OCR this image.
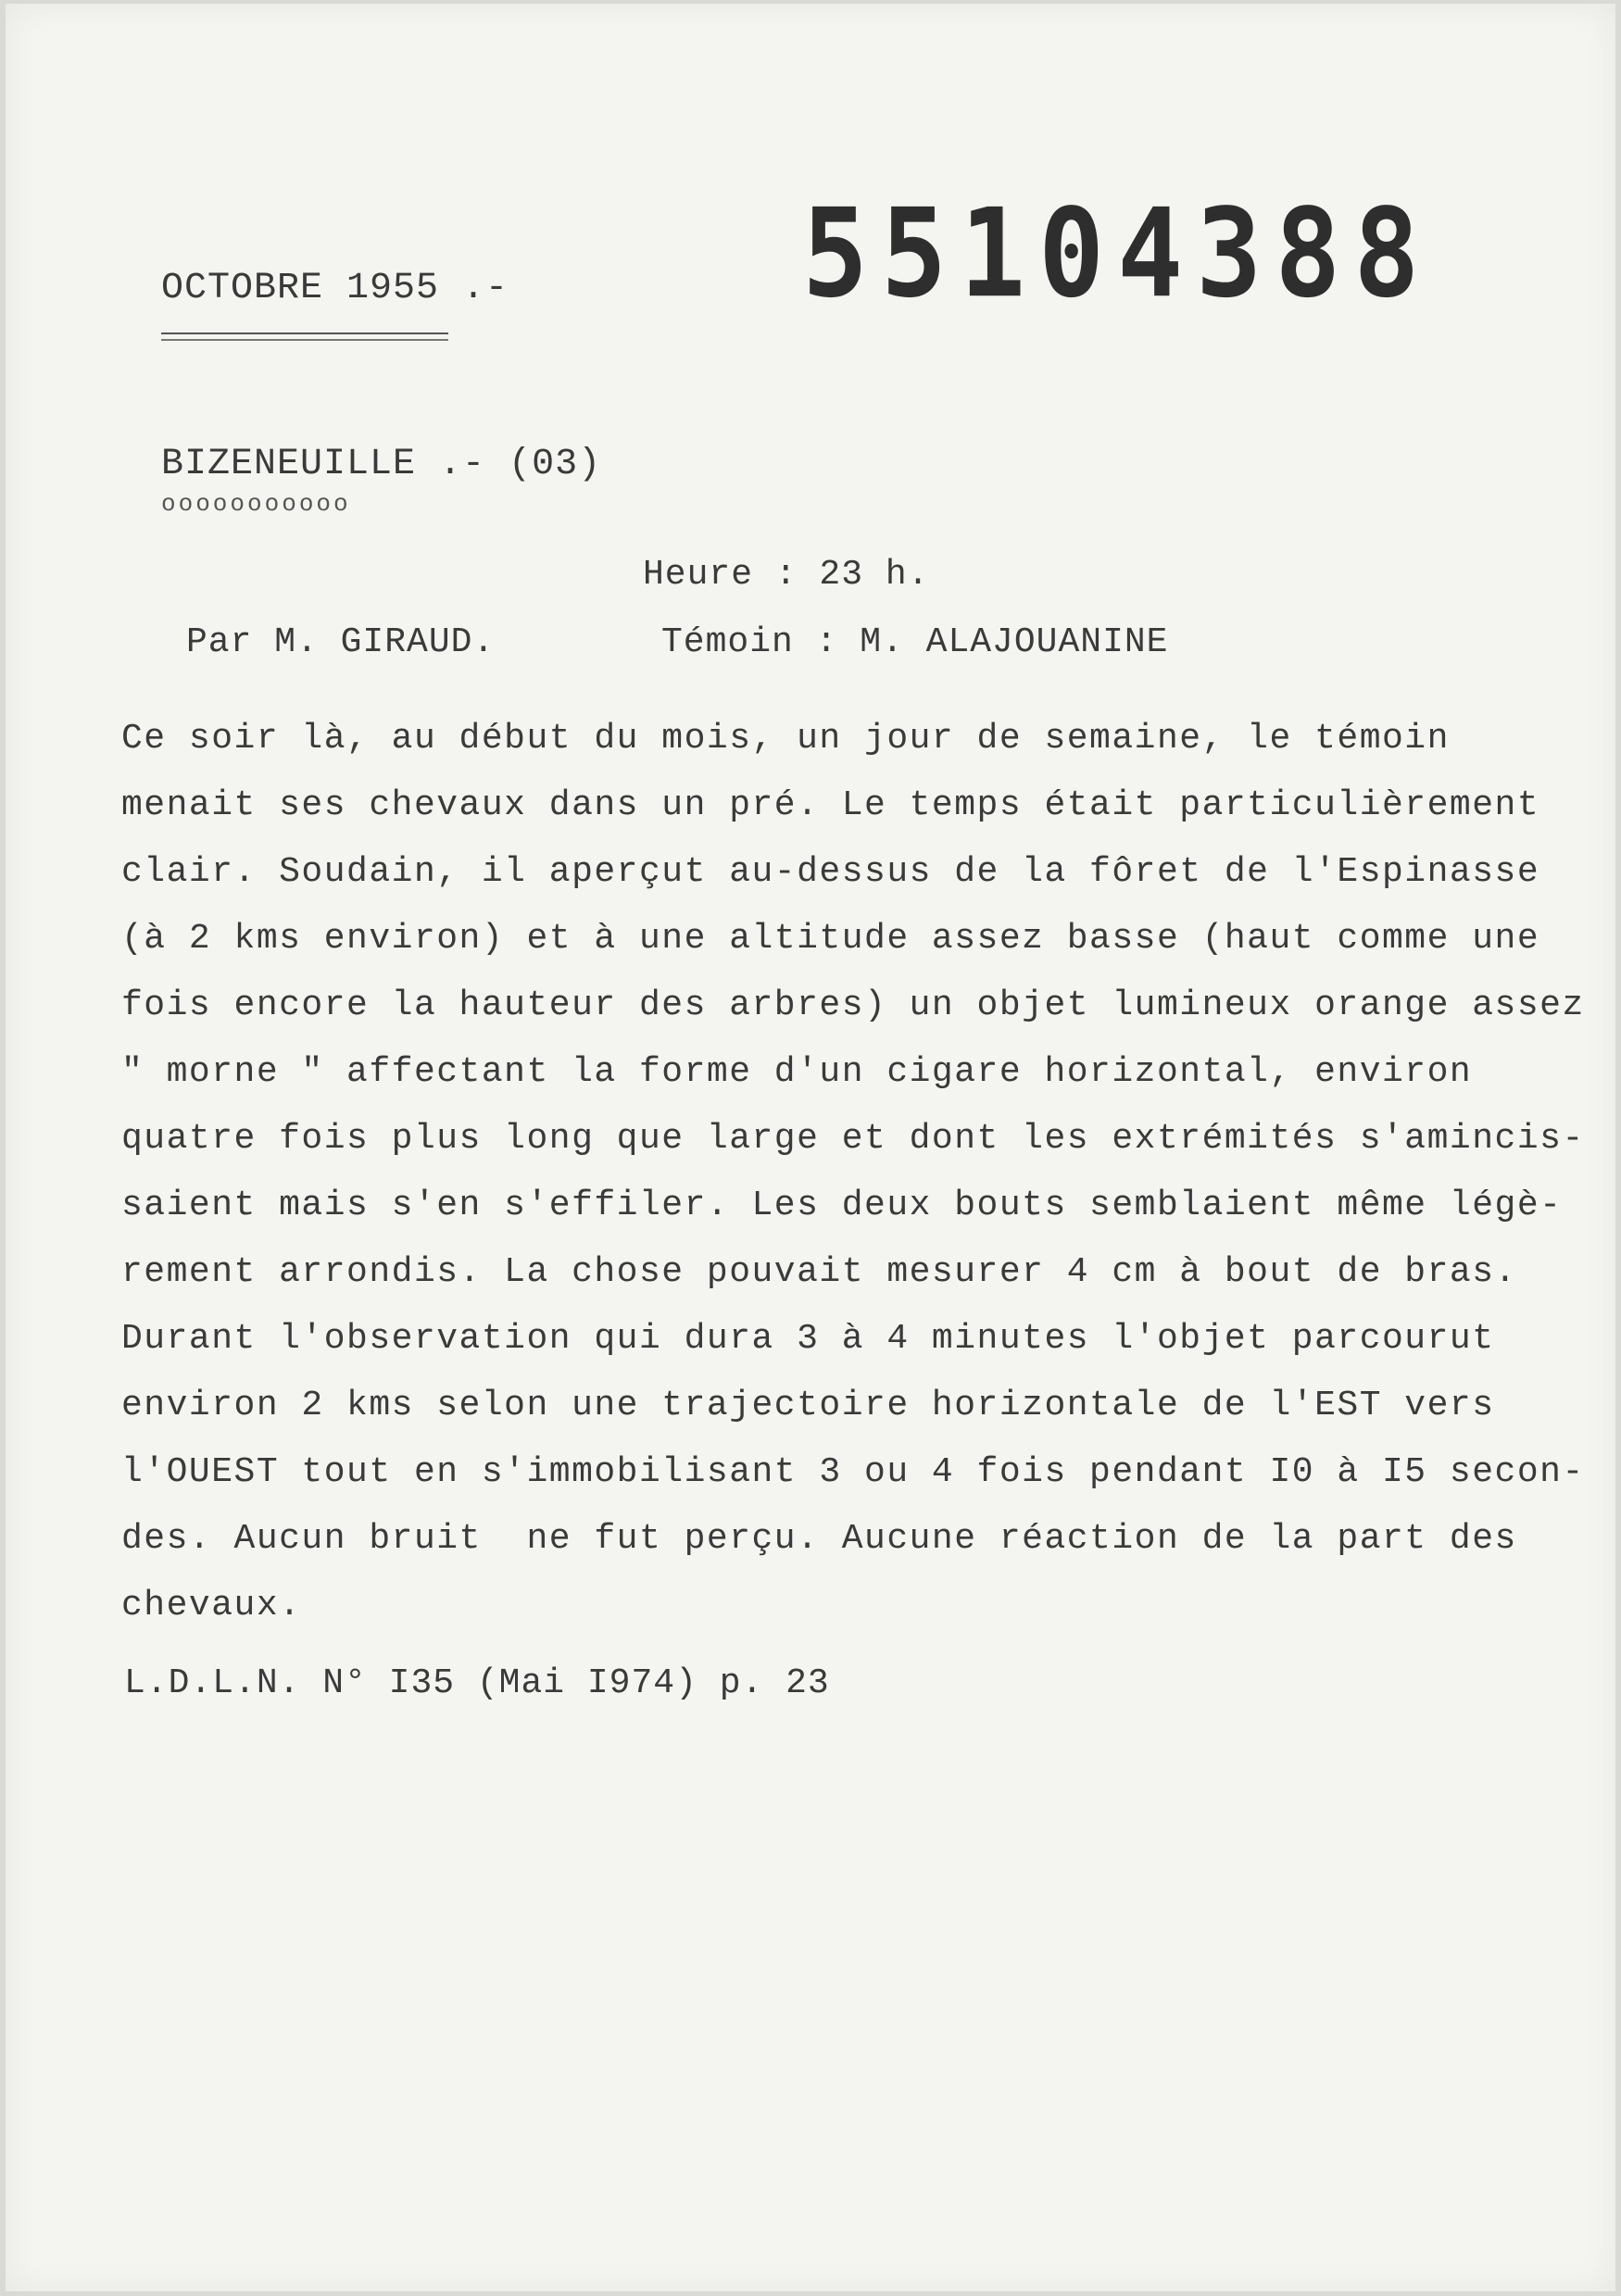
55104388
OCTOBRE 1955 .-
BIZENEUILLE .- (03)
ooooooooooo
Heure : 23 h.
Par M. GIRAUD.	Témoin : M. ALAJOUANINE
Ce soir là, au début du mois, un jour de semaine, le témoin
menait ses chevaux dans un pré. Le temps était particulièrement
clair. Soudain, il aperçut au-dessus de la fôret de l'Espinasse
(à 2 kms environ) et à une altitude assez basse (haut comme une
fois encore la hauteur des arbres) un objet lumineux orange assez
" morne " affectant la forme d'un cigare horizontal, environ
quatre fois plus long que large et dont les extrémités s'amincis-
saient mais s'en s'effiler. Les deux bouts semblaient même légè-
rement arrondis. La chose pouvait mesurer 4 cm à bout de bras.
Durant l'observation qui dura 3 à 4 minutes l'objet parcourut
environ 2 kms selon une trajectoire horizontale de l'EST vers
l'OUEST tout en s'immobilisant 3 ou 4 fois pendant I0 à I5 secon-
des. Aucun bruit  ne fut perçu. Aucune réaction de la part des
chevaux.
L.D.L.N. N° I35 (Mai I974) p. 23
